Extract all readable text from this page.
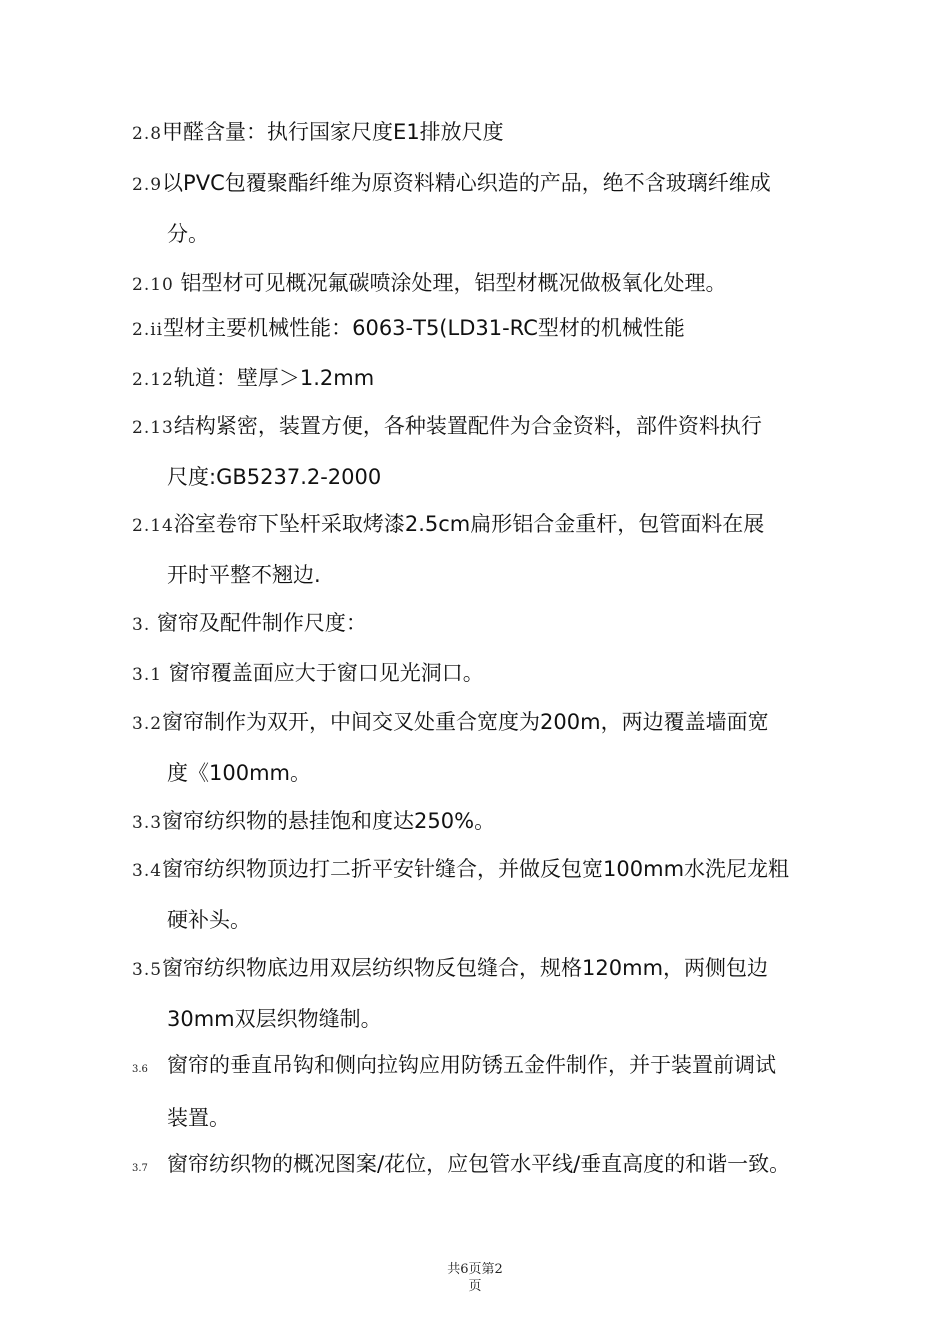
2.8甲醛含量：执行国家尺度E1排放尺度
2.9以PVC包覆聚酯纤维为原资料精心织造的产品，绝不含玻璃纤维成
分。
2.10 铝型材可见概况氟碳喷涂处理，铝型材概况做极氧化处理。
2.ii型材主要机械性能：6063-T5(LD31-RC型材的机械性能
2.12轨道：壁厚＞1.2mm
2.13结构紧密，装置方便，各种装置配件为合金资料，部件资料执行
尺度:GB5237.2-2000
2.14浴室卷帘下坠杆采取烤漆2.5cm扁形铝合金重杆，包管面料在展
开时平整不翘边.
3. 窗帘及配件制作尺度：
3.1 窗帘覆盖面应大于窗口见光洞口。
3.2窗帘制作为双开，中间交叉处重合宽度为200m，两边覆盖墙面宽
度《100mm。
3.3窗帘纺织物的悬挂饱和度达250%。
3.4窗帘纺织物顶边打二折平安针缝合，并做反包宽100mm水洗尼龙粗
硬补头。
3.5窗帘纺织物底边用双层纺织物反包缝合，规格120mm，两侧包边
30mm双层织物缝制。
3.6 窗帘的垂直吊钩和侧向拉钩应用防锈五金件制作，并于装置前调试
装置。
3.7 窗帘纺织物的概况图案/花位，应包管水平线/垂直高度的和谐一致。
共6页第2
页
